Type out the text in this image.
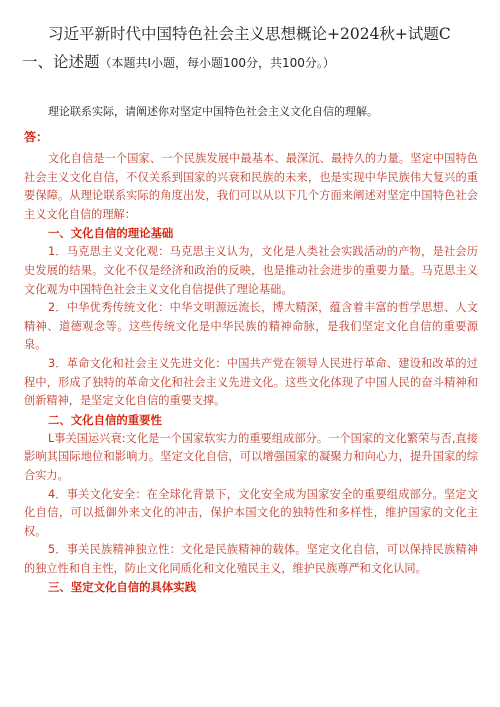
习近平新时代中国特色社会主义思想概论+2024秋+试题C一、论述题（本题共I小题，每小题100分，共100分。）
理论联系实际，请阐述你对坚定中国特色社会主义文化自信的理解。
答：

文化自信是一个国家、一个民族发展中最基本、最深沉、最持久的力量。坚定中国特色社会主义文化自信，不仅关系到国家的兴衰和民族的未来，也是实现中华民族伟大复兴的重要保障。从理论联系实际的角度出发，我们可以从以下几个方面来阐述对坚定中国特色社会主义文化自信的理解：

一、文化自信的理论基础

1．马克思主义文化观：马克思主义认为，文化是人类社会实践活动的产物，是社会历史发展的结果。文化不仅是经济和政治的反映，也是推动社会进步的重要力量。马克思主义文化观为中国特色社会主义文化自信提供了理论基础。

2．中华优秀传统文化：中华文明源远流长，博大精深，蕴含着丰富的哲学思想、人文精神、道德观念等。这些传统文化是中华民族的精神命脉，是我们坚定文化自信的重要源泉。

3．革命文化和社会主义先进文化：中国共产党在领导人民进行革命、建设和改革的过程中，形成了独特的革命文化和社会主义先进文化。这些文化体现了中国人民的奋斗精神和创新精神，是坚定文化自信的重要支撑。

二、文化自信的重要性

L事关国运兴衰:文化是一个国家软实力的重要组成部分。一个国家的文化繁荣与否,直接影响其国际地位和影响力。坚定文化自信，可以增强国家的凝聚力和向心力，提升国家的综合实力。

4．事关文化安全：在全球化背景下，文化安全成为国家安全的重要组成部分。坚定文化自信，可以抵御外来文化的冲击，保护本国文化的独特性和多样性，维护国家的文化主权。

5．事关民族精神独立性：文化是民族精神的载体。坚定文化自信，可以保持民族精神的独立性和自主性，防止文化同质化和文化殖民主义，维护民族尊严和文化认同。

三、坚定文化自信的具体实践
